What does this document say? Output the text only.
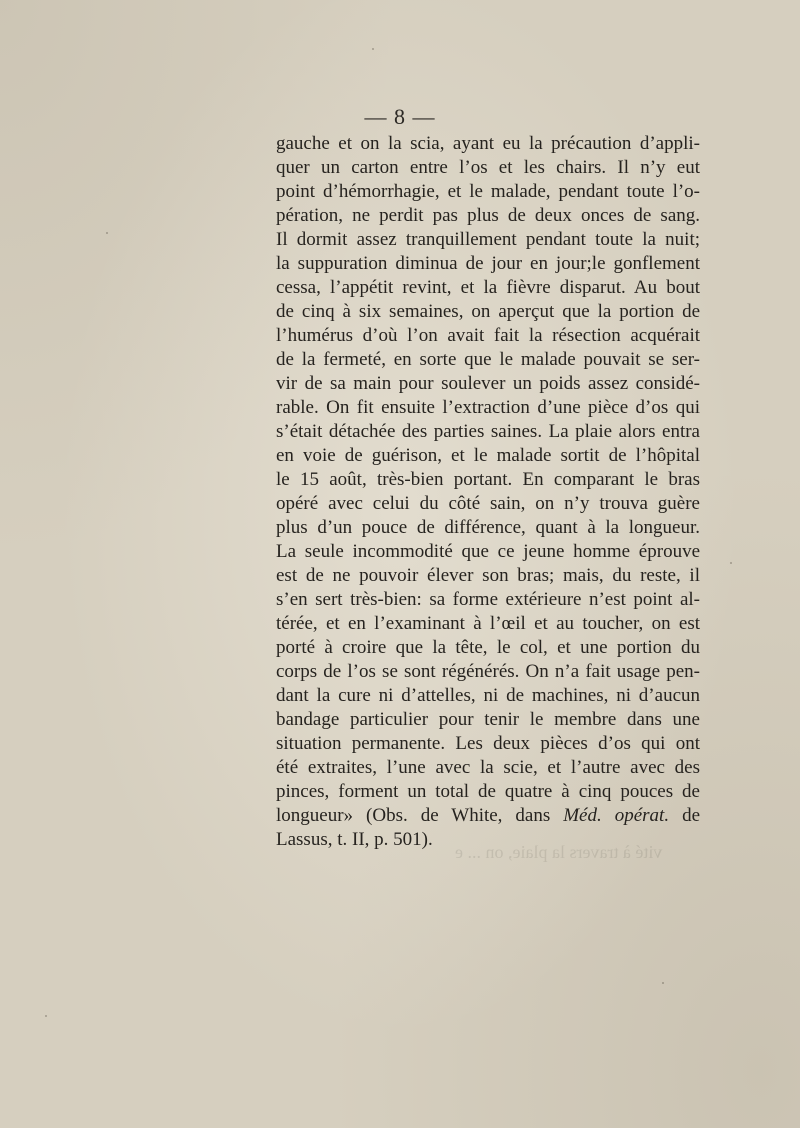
— 8 —
gauche et on la scia, ayant eu la précaution d’appli-
quer un carton entre l’os et les chairs. Il n’y eut
point d’hémorrhagie, et le malade, pendant toute l’o-
pération, ne perdit pas plus de deux onces de sang.
Il dormit assez tranquillement pendant toute la nuit;
la suppuration diminua de jour en jour;le gonflement
cessa, l’appétit revint, et la fièvre disparut. Au bout
de cinq à six semaines, on aperçut que la portion de
l’humérus d’où l’on avait fait la résection acquérait
de la fermeté, en sorte que le malade pouvait se ser-
vir de sa main pour soulever un poids assez considé-
rable. On fit ensuite l’extraction d’une pièce d’os qui
s’était détachée des parties saines. La plaie alors entra
en voie de guérison, et le malade sortit de l’hôpital
le 15 août, très-bien portant. En comparant le bras
opéré avec celui du côté sain, on n’y trouva guère
plus d’un pouce de différence, quant à la longueur.
La seule incommodité que ce jeune homme éprouve
est de ne pouvoir élever son bras; mais, du reste, il
s’en sert très-bien: sa forme extérieure n’est point al-
térée, et en l’examinant à l’œil et au toucher, on est
porté à croire que la tête, le col, et une portion du
corps de l’os se sont régénérés. On n’a fait usage pen-
dant la cure ni d’attelles, ni de machines, ni d’aucun
bandage particulier pour tenir le membre dans une
situation permanente. Les deux pièces d’os qui ont
été extraites, l’une avec la scie, et l’autre avec des
pinces, forment un total de quatre à cinq pouces de
longueur» (Obs. de White, dans Méd. opérat. de
Lassus, t. II, p. 501).
vité à travers la plaie, on ... e
